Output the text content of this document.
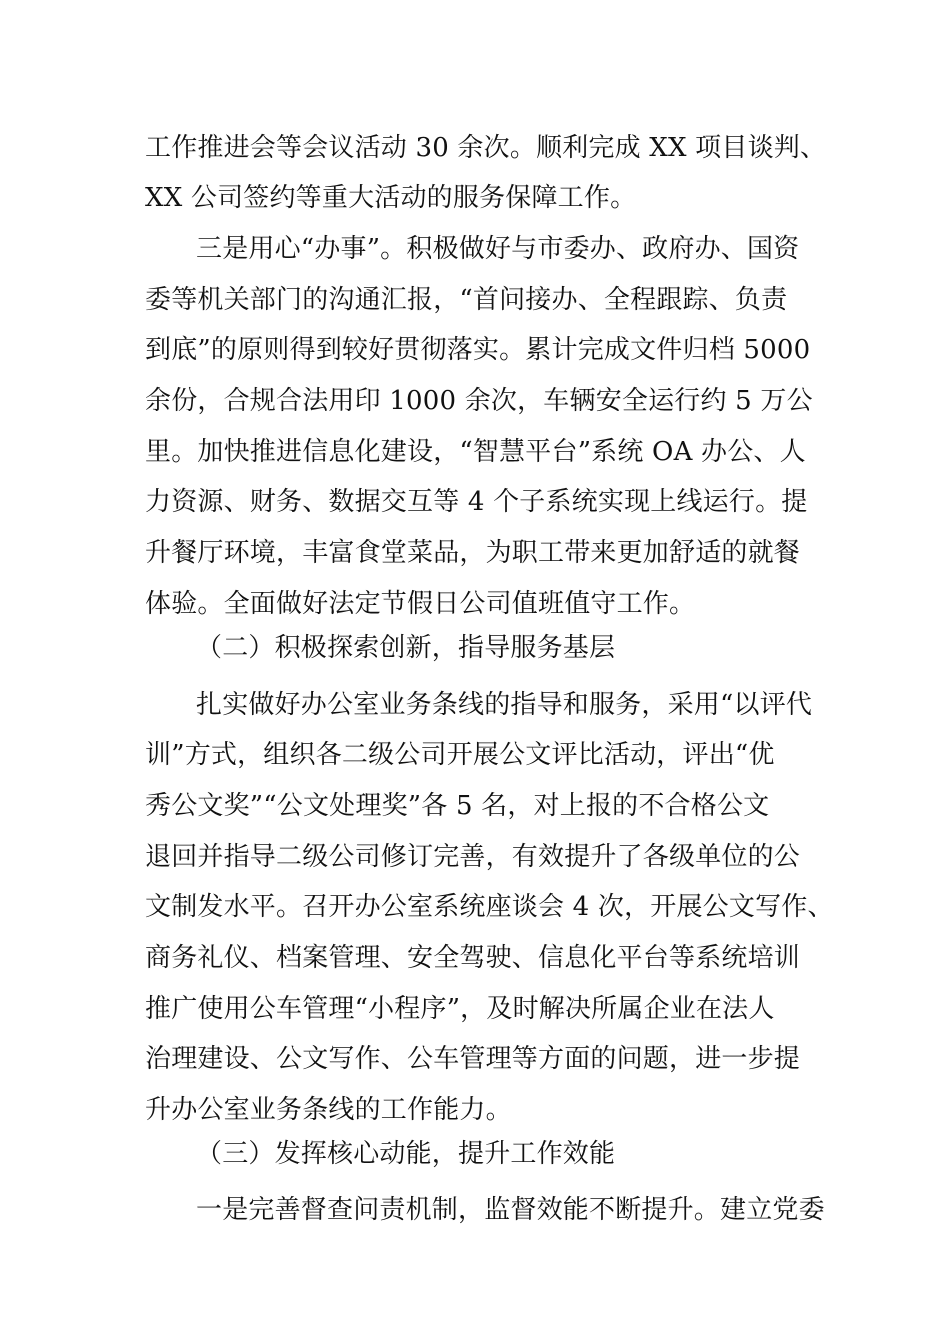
工作推进会等会议活动 30 余次。顺利完成 XX 项目谈判、
XX 公司签约等重大活动的服务保障工作。
三是用心“办事”。积极做好与市委办、政府办、国资
委等机关部门的沟通汇报，“首问接办、全程跟踪、负责
到底”的原则得到较好贯彻落实。累计完成文件归档 5000
余份，合规合法用印 1000 余次，车辆安全运行约 5 万公
里。加快推进信息化建设，“智慧平台”系统 OA 办公、人
力资源、财务、数据交互等 4 个子系统实现上线运行。提
升餐厅环境，丰富食堂菜品，为职工带来更加舒适的就餐
体验。全面做好法定节假日公司值班值守工作。
（二）积极探索创新，指导服务基层
扎实做好办公室业务条线的指导和服务，采用“以评代
训”方式，组织各二级公司开展公文评比活动，评出“优
秀公文奖”“公文处理奖”各 5 名，对上报的不合格公文
退回并指导二级公司修订完善，有效提升了各级单位的公
文制发水平。召开办公室系统座谈会 4 次，开展公文写作、
商务礼仪、档案管理、安全驾驶、信息化平台等系统培训
推广使用公车管理“小程序”，及时解决所属企业在法人
治理建设、公文写作、公车管理等方面的问题，进一步提
升办公室业务条线的工作能力。
（三）发挥核心动能，提升工作效能
一是完善督查问责机制，监督效能不断提升。建立党委
